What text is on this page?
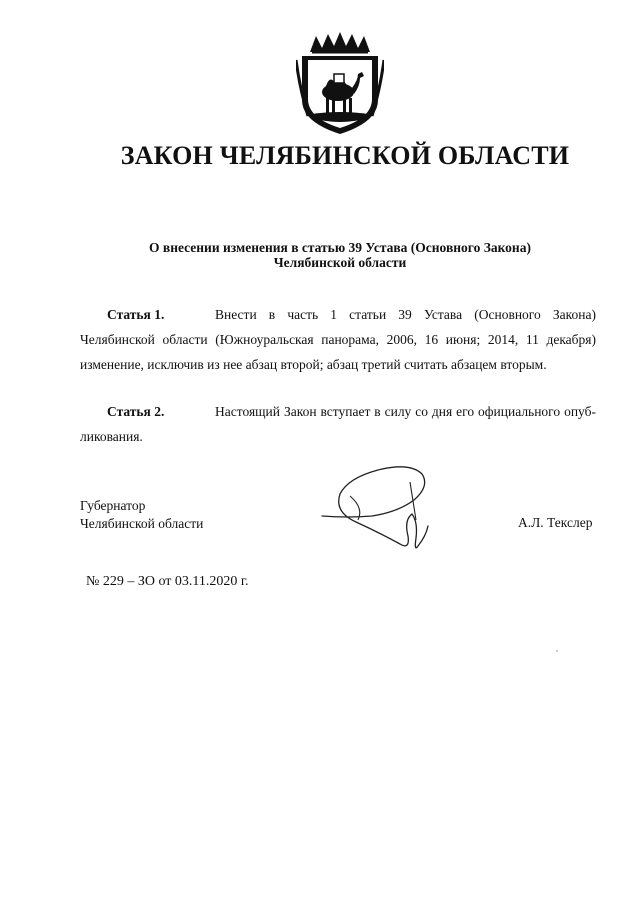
ЗАКОН ЧЕЛЯБИНСКОЙ ОБЛАСТИ
О внесении изменения в статью 39 Устава (Основного Закона)
Челябинской области
Статья 1.	Внести в часть 1 статьи 39 Устава (Основного Закона) Челябинской области (Южноуральская панорама, 2006, 16 июня; 2014, 11 декабря) изменение, исключив из нее абзац второй; абзац третий считать абзацем вторым.
Статья 2.	Настоящий Закон вступает в силу со дня его официального опубликования.
Губернатор
Челябинской области	А.Л. Текслер
№ 229 – ЗО от 03.11.2020 г.
